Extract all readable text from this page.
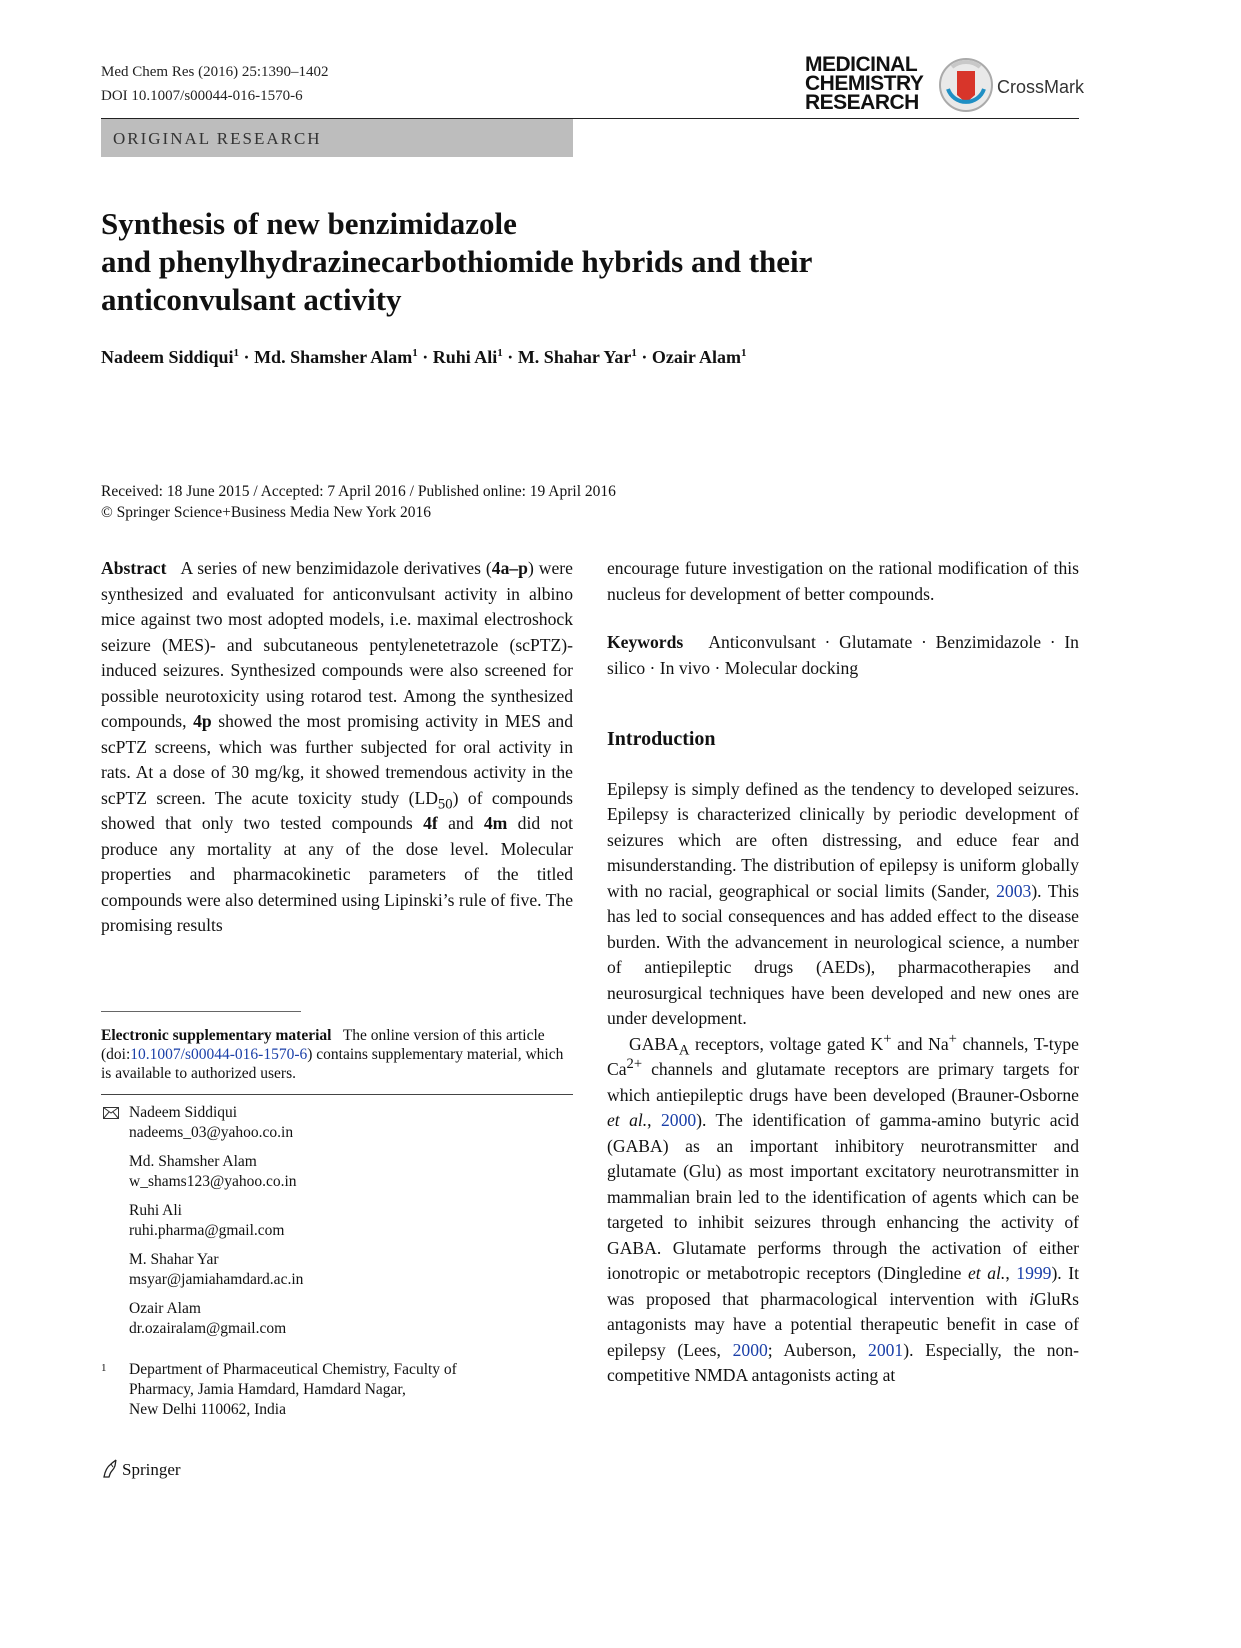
Med Chem Res (2016) 25:1390–1402
DOI 10.1007/s00044-016-1570-6
MEDICINAL
CHEMISTRY
RESEARCH
CrossMark
ORIGINAL RESEARCH
Synthesis of new benzimidazole
and phenylhydrazinecarbothiomide hybrids and their
anticonvulsant activity
Nadeem Siddiqui$^1$ · Md. Shamsher Alam$^1$ · Ruhi Ali$^1$ · M. Shahar Yar$^1$ · Ozair Alam$^1$
Received: 18 June 2015 / Accepted: 7 April 2016 / Published online: 19 April 2016
© Springer Science+Business Media New York 2016

Abstract A series of new benzimidazole derivatives (4a–p) were synthesized and evaluated for anticonvulsant activity in albino mice against two most adopted models, i.e. maximal electroshock seizure (MES)- and subcutaneous pentylenetetrazole (scPTZ)-induced seizures. Synthesized compounds were also screened for possible neurotoxicity using rotarod test. Among the synthesized compounds, 4p showed the most promising activity in MES and scPTZ screens, which was further subjected for oral activity in rats. At a dose of 30 mg/kg, it showed tremendous activity in the scPTZ screen. The acute toxicity study $(LD_{50})$ of compounds showed that only two tested compounds 4f and 4m did not produce any mortality at any of the dose level. Molecular properties and pharmacokinetic parameters of the titled compounds were also determined using Lipinski’s rule of five. The promising results

Electronic supplementary material The online version of this article (doi:10.1007/s00044-016-1570-6) contains supplementary material, which is available to authorized users.
Nadeem Siddiqui
nadeems_03@yahoo.co.in
Md. Shamsher Alam
w_shams123@yahoo.co.in
Ruhi Ali
ruhi.pharma@gmail.com
M. Shahar Yar
msyar@jamiahamdard.ac.in
Ozair Alam
dr.ozairalam@gmail.com
1 Department of Pharmaceutical Chemistry, Faculty of
Pharmacy, Jamia Hamdard, Hamdard Nagar,
New Delhi 110062, India
Springer

encourage future investigation on the rational modification of this nucleus for development of better compounds.

Keywords Anticonvulsant · Glutamate · Benzimidazole · In silico · In vivo · Molecular docking

Introduction

Epilepsy is simply defined as the tendency to developed seizures. Epilepsy is characterized clinically by periodic development of seizures which are often distressing, and educe fear and misunderstanding. The distribution of epilepsy is uniform globally with no racial, geographical or social limits (Sander, 2003). This has led to social consequences and has added effect to the disease burden. With the advancement in neurological science, a number of antiepileptic drugs (AEDs), pharmacotherapies and neurosurgical techniques have been developed and new ones are under development.

$GABA_A$ receptors, voltage gated K+ and Na+ channels, T-type $Ca^{2+}$ channels and glutamate receptors are primary targets for which antiepileptic drugs have been developed (Brauner-Osborne et al., 2000). The identification of gamma-amino butyric acid (GABA) as an important inhibitory neurotransmitter and glutamate (Glu) as most important excitatory neurotransmitter in mammalian brain led to the identification of agents which can be targeted to inhibit seizures through enhancing the activity of GABA. Glutamate performs through the activation of either ionotropic or metabotropic receptors (Dingledine et al., 1999). It was proposed that pharmacological intervention with iGluRs antagonists may have a potential therapeutic benefit in case of epilepsy (Lees, 2000; Auberson, 2001). Especially, the non-competitive NMDA antagonists acting at
